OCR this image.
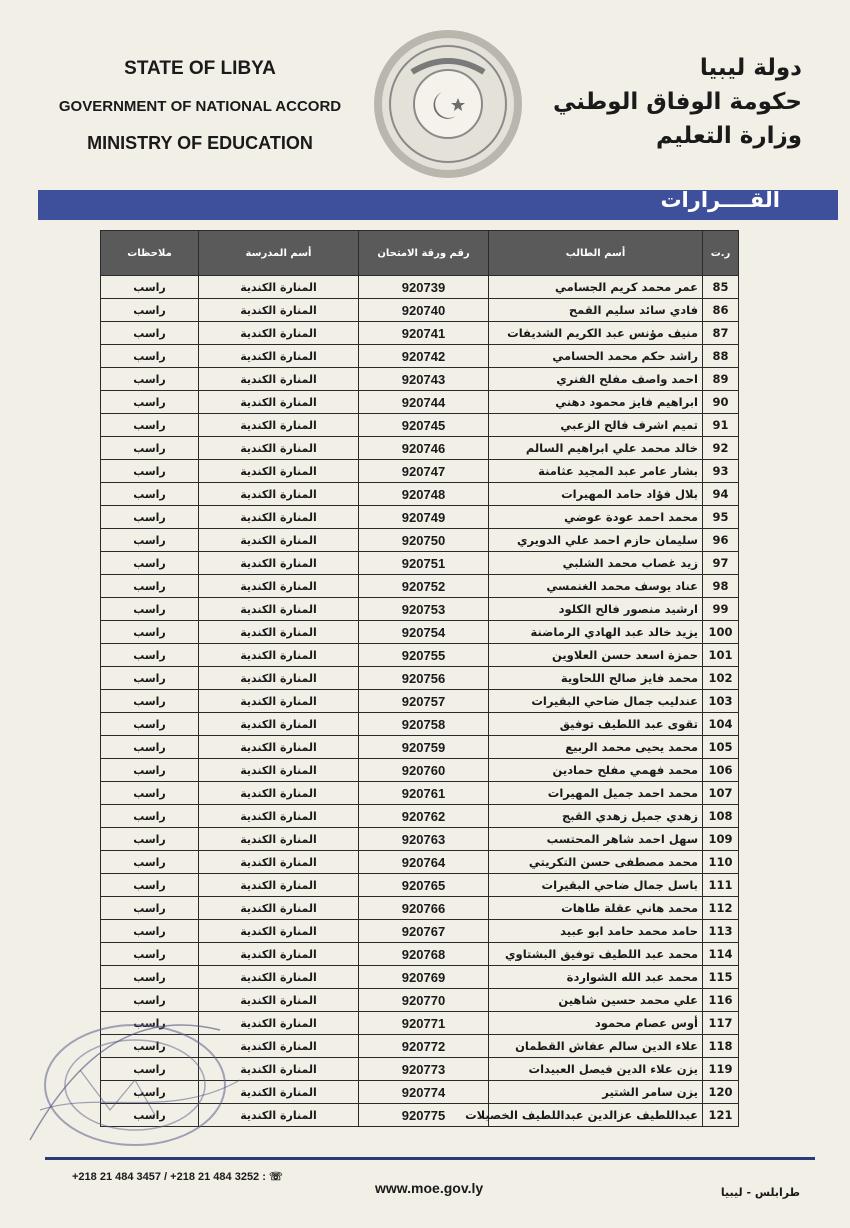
STATE OF LIBYA
GOVERNMENT OF NATIONAL ACCORD
MINISTRY OF EDUCATION
دولة ليبيا
حكومة الوفاق الوطني
وزارة التعليم
القــــرارات
ر.ت	أسم الطالب	رقم ورقة الامتحان	أسم المدرسة	ملاحظات
85	عمر محمد كريم الجسامي	920739	المنارة الكندية	راسب
86	فادي سائد سليم القمح	920740	المنارة الكندية	راسب
87	منيف مؤنس عبد الكريم الشديفات	920741	المنارة الكندية	راسب
88	راشد حكم محمد الحسامي	920742	المنارة الكندية	راسب
89	احمد واصف مفلح الفنري	920743	المنارة الكندية	راسب
90	ابراهيم فايز محمود دهني	920744	المنارة الكندية	راسب
91	تميم اشرف فالح الزعبي	920745	المنارة الكندية	راسب
92	خالد محمد علي ابراهيم السالم	920746	المنارة الكندية	راسب
93	بشار عامر عبد المجيد عثامنة	920747	المنارة الكندية	راسب
94	بلال فؤاد حامد المهيرات	920748	المنارة الكندية	راسب
95	محمد احمد عودة عوضي	920749	المنارة الكندية	راسب
96	سليمان حازم احمد علي الدويري	920750	المنارة الكندية	راسب
97	زيد غصاب محمد الشلبي	920751	المنارة الكندية	راسب
98	عناد يوسف محمد الغنمسي	920752	المنارة الكندية	راسب
99	ارشيد منصور فالح الكلود	920753	المنارة الكندية	راسب
100	يزيد خالد عبد الهادي الرماضنة	920754	المنارة الكندية	راسب
101	حمزة اسعد حسن العلاوين	920755	المنارة الكندية	راسب
102	محمد فايز صالح اللحاوية	920756	المنارة الكندية	راسب
103	عندليب جمال ضاحي البقيرات	920757	المنارة الكندية	راسب
104	تقوى عبد اللطيف توفيق	920758	المنارة الكندية	راسب
105	محمد يحيى محمد الربيع	920759	المنارة الكندية	راسب
106	محمد فهمي مفلح حمادين	920760	المنارة الكندية	راسب
107	محمد احمد جميل المهيرات	920761	المنارة الكندية	راسب
108	زهدي جميل زهدي القبج	920762	المنارة الكندية	راسب
109	سهل احمد شاهر المحتسب	920763	المنارة الكندية	راسب
110	محمد مصطفى حسن التكريتي	920764	المنارة الكندية	راسب
111	باسل جمال ضاحي البقيرات	920765	المنارة الكندية	راسب
112	محمد هاني عقلة طاهات	920766	المنارة الكندية	راسب
113	حامد محمد حامد ابو عبيد	920767	المنارة الكندية	راسب
114	محمد عبد اللطيف توفيق البشتاوي	920768	المنارة الكندية	راسب
115	محمد عبد الله الشواردة	920769	المنارة الكندية	راسب
116	علي محمد حسين شاهين	920770	المنارة الكندية	راسب
117	أوس عصام محمود	920771	المنارة الكندية	راسب
118	علاء الدين سالم عفاش القطمان	920772	المنارة الكندية	راسب
119	يزن علاء الدين فيصل العبيدات	920773	المنارة الكندية	راسب
120	يزن سامر الشتير	920774	المنارة الكندية	راسب
121	عبداللطيف عزالدين عبداللطيف الخصيلات	920775	المنارة الكندية	راسب
+218 21 484 3457 / +218 21 484 3252 : ☏
www.moe.gov.ly	طرابلس - ليبيا
